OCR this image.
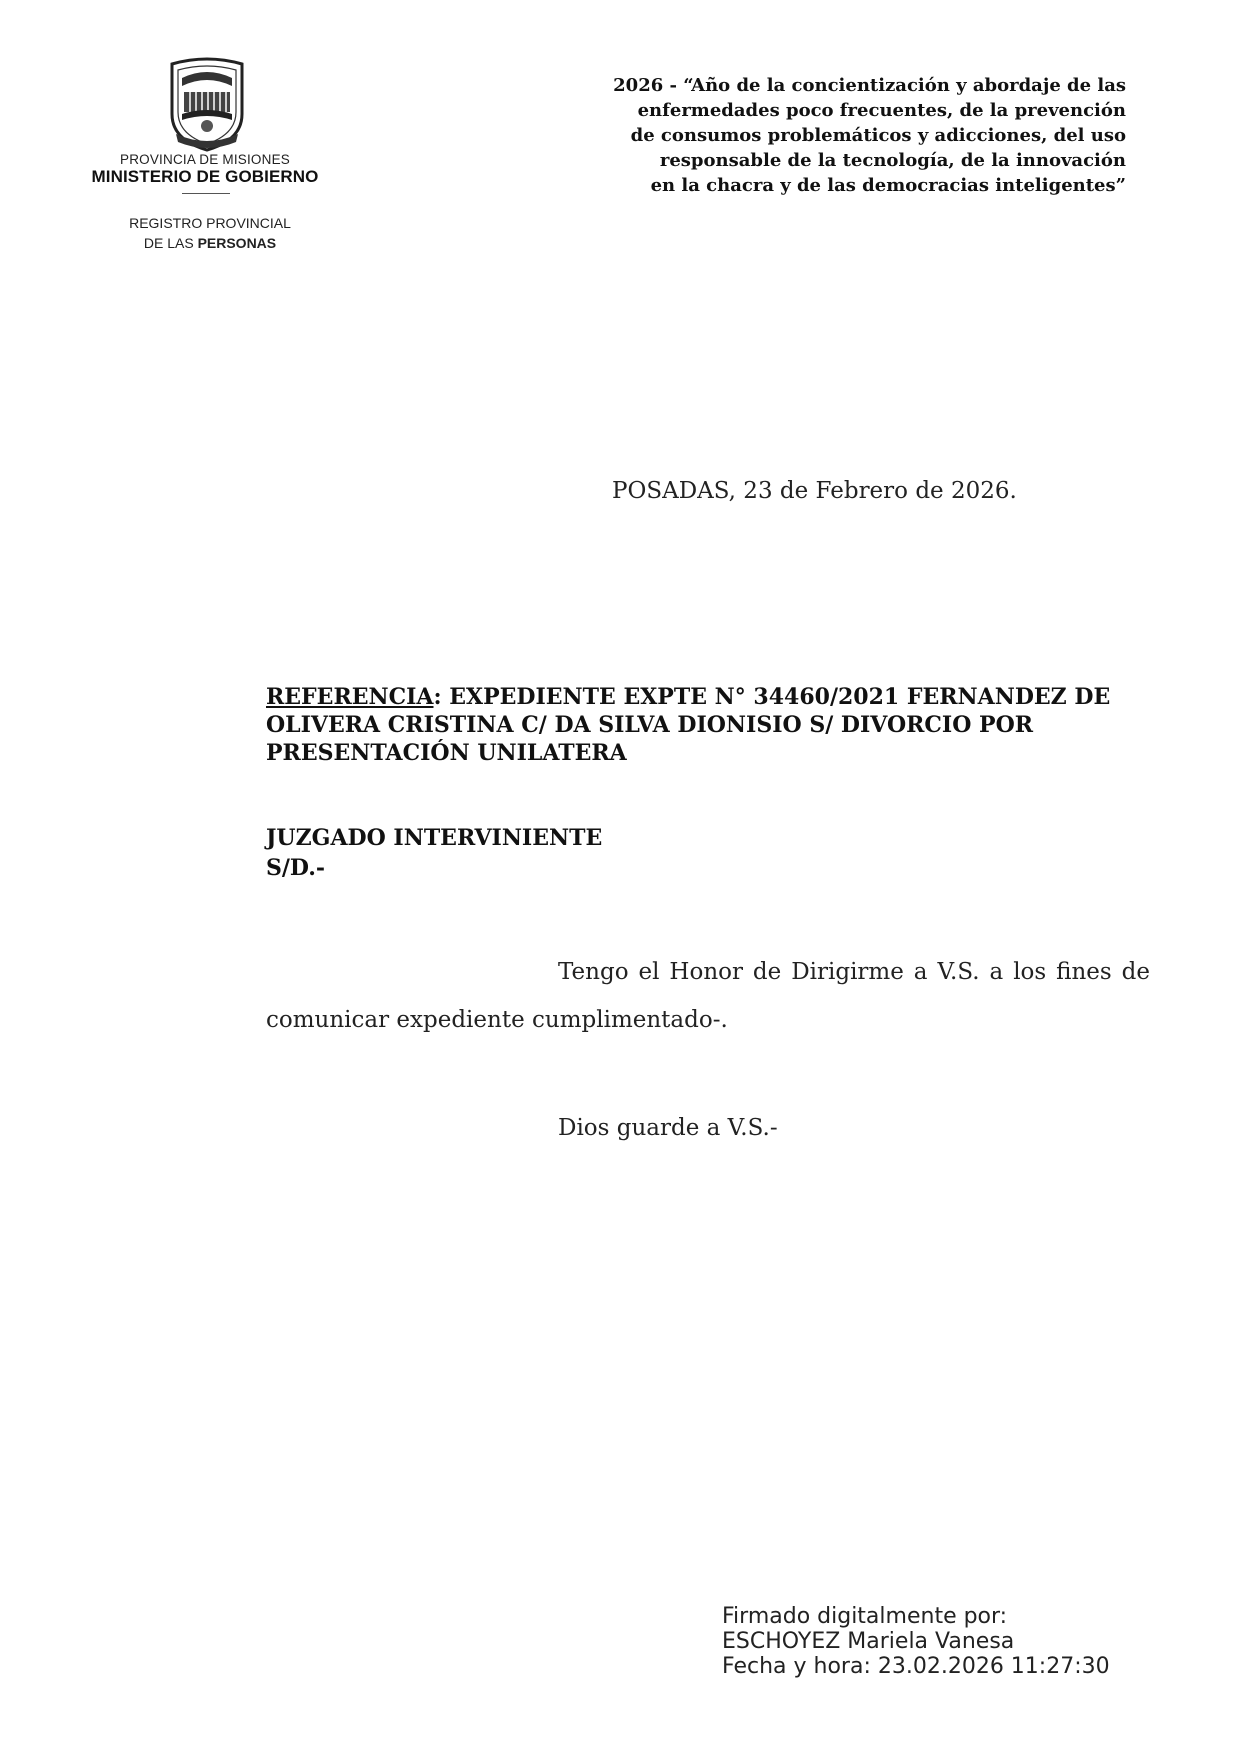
PROVINCIA DE MISIONES
MINISTERIO DE GOBIERNO
REGISTRO PROVINCIAL
DE LAS PERSONAS
2026 - “Año de la concientización y abordaje de las
enfermedades poco frecuentes, de la prevención
de consumos problemáticos y adicciones, del uso
responsable de la tecnología, de la innovación
en la chacra y de las democracias inteligentes”
POSADAS, 23 de Febrero de 2026.
REFERENCIA: EXPEDIENTE EXPTE N° 34460/2021 FERNANDEZ DE OLIVERA CRISTINA C/ DA SILVA DIONISIO S/ DIVORCIO POR PRESENTACIÓN UNILATERA
JUZGADO INTERVINIENTE
S/D.-
Tengo el Honor de Dirigirme a V.S. a los fines de comunicar expediente cumplimentado-.
Dios guarde a V.S.-
Firmado digitalmente por:
ESCHOYEZ Mariela Vanesa
Fecha y hora: 23.02.2026 11:27:30
